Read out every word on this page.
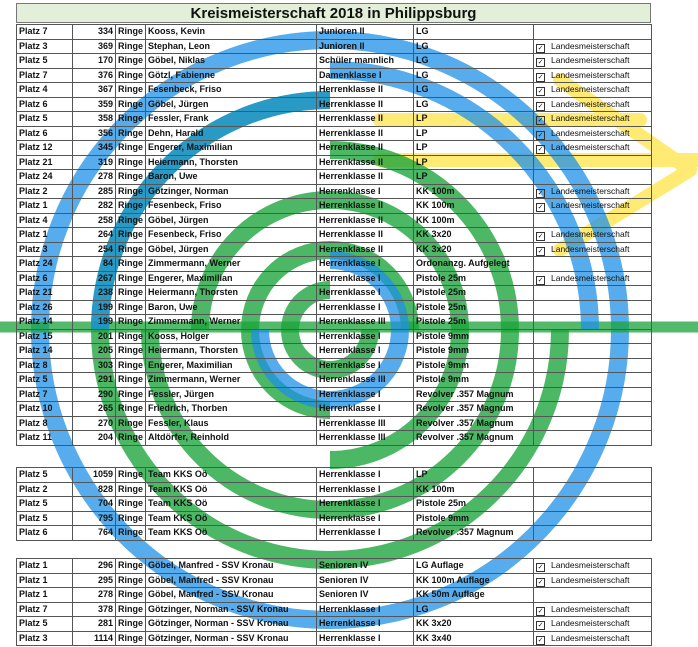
Kreismeisterschaft 2018 in Philippsburg
Platz 7	334	Ringe	Kooss, Kevin	Junioren II	LG	
Platz 3	369	Ringe	Stephan, Leon	Junioren II	LG	✓ Landesmeisterschaft
Platz 5	170	Ringe	Göbel, Niklas	Schüler mannlich	LG	✓ Landesmeisterschaft
Platz 7	376	Ringe	Götzl, Fabienne	Damenklasse I	LG	✓ Landesmeisterschaft
Platz 4	367	Ringe	Fesenbeck, Friso	Herrenklasse II	LG	✓ Landesmeisterschaft
Platz 6	359	Ringe	Göbel, Jürgen	Herrenklasse II	LG	✓ Landesmeisterschaft
Platz 5	358	Ringe	Fessler, Frank	Herrenklasse II	LP	✓ Landesmeisterschaft
Platz 6	356	Ringe	Dehn, Harald	Herrenklasse II	LP	✓ Landesmeisterschaft
Platz 12	345	Ringe	Engerer, Maximilian	Herrenklasse II	LP	✓ Landesmeisterschaft
Platz 21	319	Ringe	Heiermann, Thorsten	Herrenklasse II	LP	
Platz 24	278	Ringe	Baron, Uwe	Herrenklasse II	LP	
Platz 2	285	Ringe	Götzinger, Norman	Herrenklasse I	KK 100m	✓ Landesmeisterschaft
Platz 1	282	Ringe	Fesenbeck, Friso	Herrenklasse II	KK 100m	✓ Landesmeisterschaft
Platz 4	258	Ringe	Göbel, Jürgen	Herrenklasse II	KK 100m	
Platz 1	264	Ringe	Fesenbeck, Friso	Herrenklasse II	KK 3x20	✓ Landesmeisterschaft
Platz 3	254	Ringe	Göbel, Jürgen	Herrenklasse II	KK 3x20	✓ Landesmeisterschaft
Platz 24	84	Ringe	Zimmermann, Werner	Herrenklasse I	Ordonanzg. Aufgelegt	
Platz 6	267	Ringe	Engerer, Maximilian	Herrenklasse I	Pistole 25m	✓ Landesmeisterschaft
Platz 21	238	Ringe	Heiermann, Thorsten	Herrenklasse I	Pistole 25m	
Platz 26	199	Ringe	Baron, Uwe	Herrenklasse I	Pistole 25m	
Platz 14	199	Ringe	Zimmermann, Werner	Herrenklasse III	Pistole 25m	
Platz 15	201	Ringe	Kooss, Holger	Herrenklasse I	Pistole 9mm	
Platz 14	205	Ringe	Heiermann, Thorsten	Herrenklasse I	Pistole 9mm	
Platz 8	303	Ringe	Engerer, Maximilian	Herrenklasse I	Pistole 9mm	
Platz 5	291	Ringe	Zimmermann, Werner	Herrenklasse III	Pistole 9mm	
Platz 7	290	Ringe	Fessler, Jürgen	Herrenklasse I	Revolver .357 Magnum	
Platz 10	265	Ringe	Friedrich, Thorben	Herrenklasse I	Revolver .357 Magnum	
Platz 8	270	Ringe	Fessler, Klaus	Herrenklasse III	Revolver .357 Magnum	
Platz 11	204	Ringe	Altdörfer, Reinhold	Herrenklasse III	Revolver .357 Magnum	
Platz 5	1059	Ringe	Team KKS Oö	Herrenklasse I	LP	
Platz 2	828	Ringe	Team KKS Oö	Herrenklasse I	KK 100m	
Platz 5	704	Ringe	Team KKS Oö	Herrenklasse I	Pistole 25m	
Platz 5	795	Ringe	Team KKS Oö	Herrenklasse I	Pistole 9mm	
Platz 6	764	Ringe	Team KKS Oö	Herrenklasse I	Revolver .357 Magnum	
Platz 1	296	Ringe	Göbel, Manfred - SSV Kronau	Senioren IV	LG Auflage	✓ Landesmeisterschaft
Platz 1	295	Ringe	Göbel, Manfred - SSV Kronau	Senioren IV	KK 100m Auflage	✓ Landesmeisterschaft
Platz 1	278	Ringe	Göbel, Manfred - SSV Kronau	Senioren IV	KK 50m Auflage	
Platz 7	378	Ringe	Götzinger, Norman - SSV Kronau	Herrenklasse I	LG	✓ Landesmeisterschaft
Platz 5	281	Ringe	Götzinger, Norman - SSV Kronau	Herrenklasse I	KK 3x20	✓ Landesmeisterschaft
Platz 3	1114	Ringe	Götzinger, Norman - SSV Kronau	Herrenklasse I	KK 3x40	✓ Landesmeisterschaft
